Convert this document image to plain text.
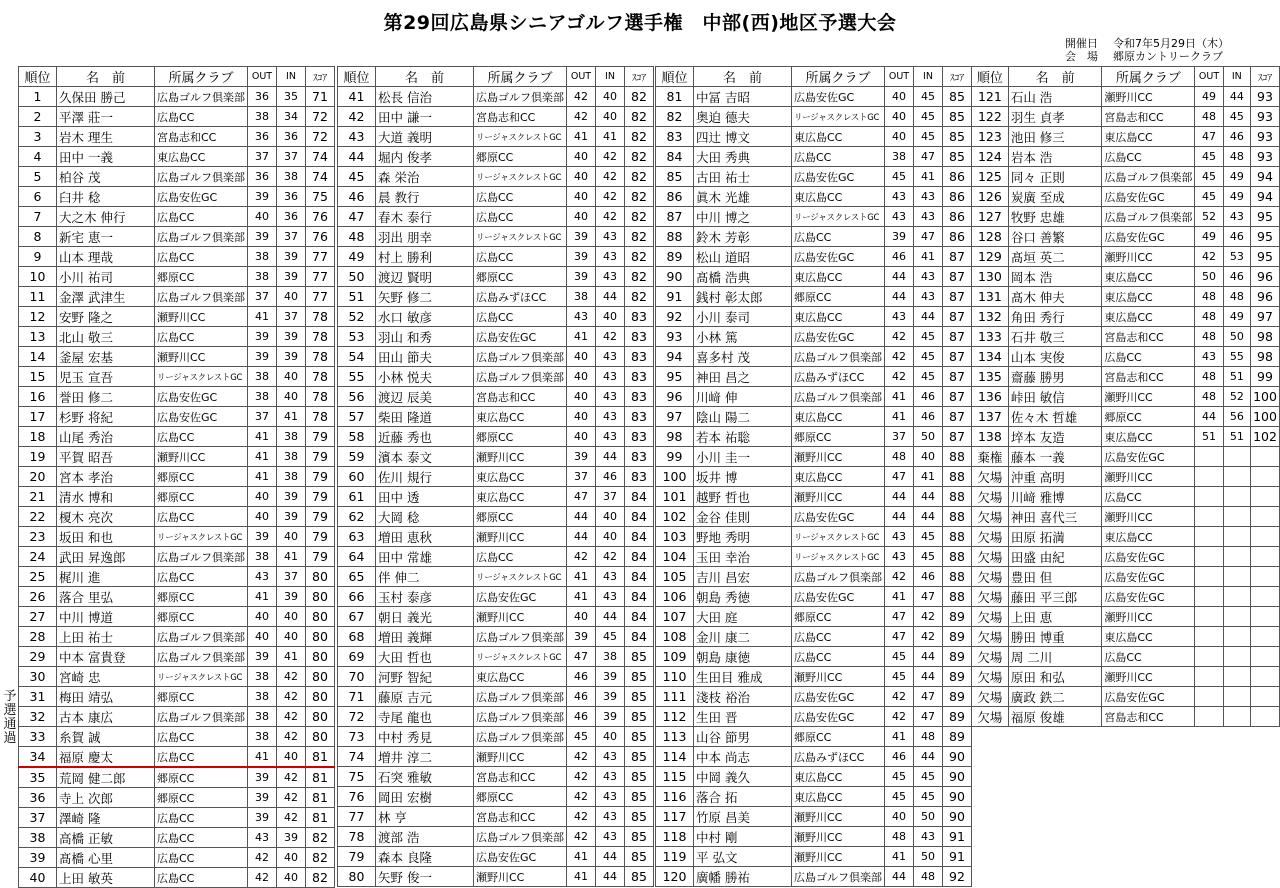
第29回広島県シニアゴルフ選手権　中部(西)地区予選大会
開催日 令和7年5月29日（木）
会　場 郷原カントリークラブ
予
選
通
過
順位	名　前	所属クラブ	OUT	IN	ｽｺｱ
1	久保田 勝己	広島ゴルフ倶楽部	36	35	71
2	平澤 莊一	広島CC	38	34	72
3	岩木 理生	宮島志和CC	36	36	72
4	田中 一義	東広島CC	37	37	74
5	柏谷 茂	広島ゴルフ倶楽部	36	38	74
6	臼井 稔	広島安佐GC	39	36	75
7	大之木 伸行	広島CC	40	36	76
8	新宅 恵一	広島ゴルフ倶楽部	39	37	76
9	山本 理哉	広島CC	38	39	77
10	小川 祐司	郷原CC	38	39	77
11	金澤 武津生	広島ゴルフ倶楽部	37	40	77
12	安野 隆之	瀬野川CC	41	37	78
13	北山 敬三	広島CC	39	39	78
14	釜屋 宏基	瀬野川CC	39	39	78
15	児玉 宣吾	リージャスクレストGC	38	40	78
16	誉田 修二	広島安佐GC	38	40	78
17	杉野 将紀	広島安佐GC	37	41	78
18	山尾 秀治	広島CC	41	38	79
19	平賀 昭吾	瀬野川CC	41	38	79
20	宮本 孝治	郷原CC	41	38	79
21	清水 博和	郷原CC	40	39	79
22	榎木 亮次	広島CC	40	39	79
23	坂田 和也	リージャスクレストGC	39	40	79
24	武田 昇逸郎	広島ゴルフ倶楽部	38	41	79
25	梶川 進	広島CC	43	37	80
26	落合 里弘	郷原CC	41	39	80
27	中川 博道	郷原CC	40	40	80
28	上田 祐士	広島ゴルフ倶楽部	40	40	80
29	中本 富貴登	広島ゴルフ倶楽部	39	41	80
30	宮崎 忠	リージャスクレストGC	38	42	80
31	梅田 靖弘	郷原CC	38	42	80
32	古本 康広	広島ゴルフ倶楽部	38	42	80
33	糸賀 誠	広島CC	38	42	80
34	福原 慶太	広島CC	41	40	81
35	荒岡 健二郎	郷原CC	39	42	81
36	寺上 次郎	郷原CC	39	42	81
37	澤崎 隆	広島CC	39	42	81
38	高橋 正敏	広島CC	43	39	82
39	髙橋 心里	広島CC	42	40	82
40	上田 敏英	広島CC	42	40	82
順位	名　前	所属クラブ	OUT	IN	ｽｺｱ
41	松長 信治	広島ゴルフ倶楽部	42	40	82
42	田中 謙一	宮島志和CC	42	40	82
43	大道 義明	リージャスクレストGC	41	41	82
44	堀内 俊孝	郷原CC	40	42	82
45	森 栄治	リージャスクレストGC	40	42	82
46	晨 教行	広島CC	40	42	82
47	春木 泰行	広島CC	40	42	82
48	羽出 朋幸	リージャスクレストGC	39	43	82
49	村上 勝利	広島CC	39	43	82
50	渡辺 賢明	郷原CC	39	43	82
51	矢野 修二	広島みずほCC	38	44	82
52	水口 敏彦	広島CC	43	40	83
53	羽山 和秀	広島安佐GC	41	42	83
54	田山 節夫	広島ゴルフ倶楽部	40	43	83
55	小林 悦夫	広島ゴルフ倶楽部	40	43	83
56	渡辺 辰美	宮島志和CC	40	43	83
57	柴田 隆道	東広島CC	40	43	83
58	近藤 秀也	郷原CC	40	43	83
59	濱本 泰文	瀬野川CC	39	44	83
60	佐川 規行	東広島CC	37	46	83
61	田中 透	東広島CC	47	37	84
62	大岡 稔	郷原CC	44	40	84
63	増田 恵秋	瀬野川CC	44	40	84
64	田中 常雄	広島CC	42	42	84
65	伴 伸二	リージャスクレストGC	41	43	84
66	玉村 泰彦	広島安佐GC	41	43	84
67	朝日 義光	瀬野川CC	40	44	84
68	増田 義輝	広島ゴルフ倶楽部	39	45	84
69	大田 哲也	リージャスクレストGC	47	38	85
70	河野 智紀	東広島CC	46	39	85
71	藤原 吉元	広島ゴルフ倶楽部	46	39	85
72	寺尾 龍也	広島ゴルフ倶楽部	46	39	85
73	中村 秀見	広島ゴルフ倶楽部	45	40	85
74	増井 淳二	瀬野川CC	42	43	85
75	石突 雅敏	宮島志和CC	42	43	85
76	岡田 宏樹	郷原CC	42	43	85
77	林 亨	宮島志和CC	42	43	85
78	渡部 浩	広島ゴルフ倶楽部	42	43	85
79	森本 良隆	広島安佐GC	41	44	85
80	矢野 俊一	瀬野川CC	41	44	85
順位	名　前	所属クラブ	OUT	IN	ｽｺｱ
81	中冨 吉昭	広島安佐GC	40	45	85
82	奥迫 德夫	リージャスクレストGC	40	45	85
83	四辻 博文	東広島CC	40	45	85
84	大田 秀典	広島CC	38	47	85
85	古田 祐士	広島安佐GC	45	41	86
86	眞木 光雄	東広島CC	43	43	86
87	中川 博之	リージャスクレストGC	43	43	86
88	鈴木 芳彰	広島CC	39	47	86
89	松山 道昭	広島安佐GC	46	41	87
90	髙橋 浩典	東広島CC	44	43	87
91	銭村 彰太郎	郷原CC	44	43	87
92	小川 泰司	東広島CC	43	44	87
93	小林 篤	広島安佐GC	42	45	87
94	喜多村 茂	広島ゴルフ倶楽部	42	45	87
95	神田 昌之	広島みずほCC	42	45	87
96	川﨑 伸	広島ゴルフ倶楽部	41	46	87
97	陰山 陽二	東広島CC	41	46	87
98	若本 祐聡	郷原CC	37	50	87
99	小川 圭一	瀬野川CC	48	40	88
100	坂井 博	東広島CC	47	41	88
101	越野 哲也	瀬野川CC	44	44	88
102	金谷 佳則	広島安佐GC	44	44	88
103	野地 秀明	リージャスクレストGC	43	45	88
104	玉田 幸治	リージャスクレストGC	43	45	88
105	吉川 昌宏	広島ゴルフ倶楽部	42	46	88
106	朝島 秀徳	広島安佐GC	41	47	88
107	大田 庭	郷原CC	47	42	89
108	金川 康二	広島CC	47	42	89
109	朝島 康徳	広島CC	45	44	89
110	生田目 雅成	瀬野川CC	45	44	89
111	淺枝 裕治	広島安佐GC	42	47	89
112	生田 晋	広島安佐GC	42	47	89
113	山谷 節男	郷原CC	41	48	89
114	中本 尚志	広島みずほCC	46	44	90
115	中岡 義久	東広島CC	45	45	90
116	落合 拓	東広島CC	45	45	90
117	竹原 昌美	瀬野川CC	40	50	90
118	中村 剛	瀬野川CC	48	43	91
119	平 弘文	瀬野川CC	41	50	91
120	廣幡 勝祐	広島ゴルフ倶楽部	44	48	92
順位	名　前	所属クラブ	OUT	IN	ｽｺｱ
121	石山 浩	瀬野川CC	49	44	93
122	羽生 貞孝	宮島志和CC	48	45	93
123	池田 修三	東広島CC	47	46	93
124	岩本 浩	広島CC	45	48	93
125	同々 正則	広島ゴルフ倶楽部	45	49	94
126	炭廣 至成	広島安佐GC	45	49	94
127	牧野 忠雄	広島ゴルフ倶楽部	52	43	95
128	谷口 善繁	広島安佐GC	49	46	95
129	髙垣 英二	瀬野川CC	42	53	95
130	岡本 浩	東広島CC	50	46	96
131	髙木 伸夫	東広島CC	48	48	96
132	角田 秀行	東広島CC	48	49	97
133	石井 敬三	宮島志和CC	48	50	98
134	山本 実俊	広島CC	43	55	98
135	齋藤 勝男	宮島志和CC	48	51	99
136	峠田 敏信	瀬野川CC	48	52	100
137	佐々木 哲雄	郷原CC	44	56	100
138	埣本 友造	東広島CC	51	51	102
棄権	藤本 一義	広島安佐GC			
欠場	沖重 高明	瀬野川CC			
欠場	川﨑 雅博	広島CC			
欠場	神田 喜代三	瀬野川CC			
欠場	田原 拓満	東広島CC			
欠場	田盛 由紀	広島安佐GC			
欠場	豊田 但	広島安佐GC			
欠場	藤田 平三郎	広島安佐GC			
欠場	上田 恵	瀬野川CC			
欠場	勝田 博重	東広島CC			
欠場	周 二川	広島CC			
欠場	原田 和弘	瀬野川CC			
欠場	廣政 鉄二	広島安佐GC			
欠場	福原 俊雄	宮島志和CC			
